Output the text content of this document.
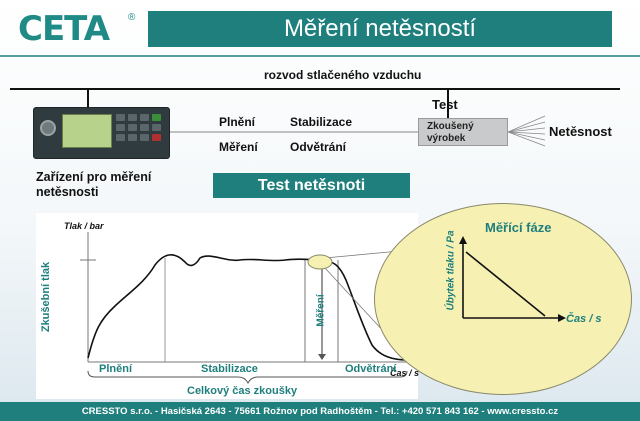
CETA ®	Měření netěsností
rozvod stlačeného vzduchu
Zařízení pro měření netěsnosti
Plnění	Stabilizace
Měření	Odvětrání
Test
Zkoušený výrobek	Netěsnost
Test netěsnoti
Tlak / bar
Čas / s
Zkušební tlak	Měření
Plnění	Stabilizace	Odvětrání
Celkový čas zkoušky
Měřící fáze
Úbytek tlaku / Pa
Čas / s
CRESSTO s.r.o. - Hasičská 2643 - 75661 Rožnov pod Radhoštěm - Tel.: +420 571 843 162 - www.cressto.cz
